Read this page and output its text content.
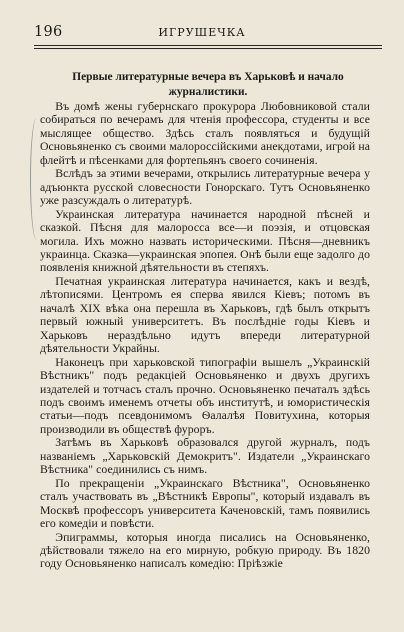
196	ИГРУШЕЧКА
Первые литературные вечера въ Харьковѣ и начало журналистики.

Въ домѣ жены губернскаго прокурора Любовниковой стали собираться по вечерамъ для чтенія профессора, студенты и все мыслящее общество. Здѣсь сталъ появляться и будущій Основьяненко съ своими малороссійскими анекдотами, игрой на флейтѣ и пѣсенками для фортепьянъ своего сочиненія.

Вслѣдъ за этими вечерами, открылись литературные вечера у адъюнкта русской словесности Гонорскаго. Тутъ Основьяненко уже разсуждалъ о литературѣ.

Украинская литература начинается народной пѣсней и сказкой. Пѣсня для малоросса все—и поэзія, и отцовская могила. Ихъ можно назвать историческими. Пѣсня—дневникъ украинца. Сказка—украинская эпопея. Онѣ были еще задолго до появленія книжной дѣятельности въ степяхъ.

Печатная украинская литература начинается, какъ и вездѣ, лѣтописями. Центромъ ея сперва явился Кіевъ; потомъ въ началѣ XIX вѣка она перешла въ Харьковъ, гдѣ былъ открытъ первый южный университетъ. Въ послѣдніе годы Кіевъ и Харьковъ нераздѣльно идутъ впереди литературной дѣятельности Украйны.

Наконецъ при харьковской типографіи вышелъ „Украинскій Вѣстникъ" подъ редакціей Основьяненко и двухъ другихъ издателей и тотчасъ сталъ прочно. Основьяненко печаталъ здѣсь подъ своимъ именемъ отчеты объ институтѣ, и юмористическія статьи—подъ псевдонимомъ Ѳалалѣя Повитухина, которыя производили въ обществѣ фуроръ.

Затѣмъ въ Харьковѣ образовался другой журналъ, подъ названіемъ „Харьковскій Демокритъ". Издатели „Украинскаго Вѣстника" соединились съ нимъ.

По прекращеніи „Украинскаго Вѣстника", Основьяненко сталъ участвовать въ „Вѣстникѣ Европы", который издавалъ въ Москвѣ профессоръ университета Каченовскій, тамъ появились его комедіи и повѣсти.

Эпиграммы, которыя иногда писались на Основьяненко, дѣйствовали тяжело на его мирную, робкую природу. Въ 1820 году Основьяненко написалъ комедію: Пріѣзжіе
